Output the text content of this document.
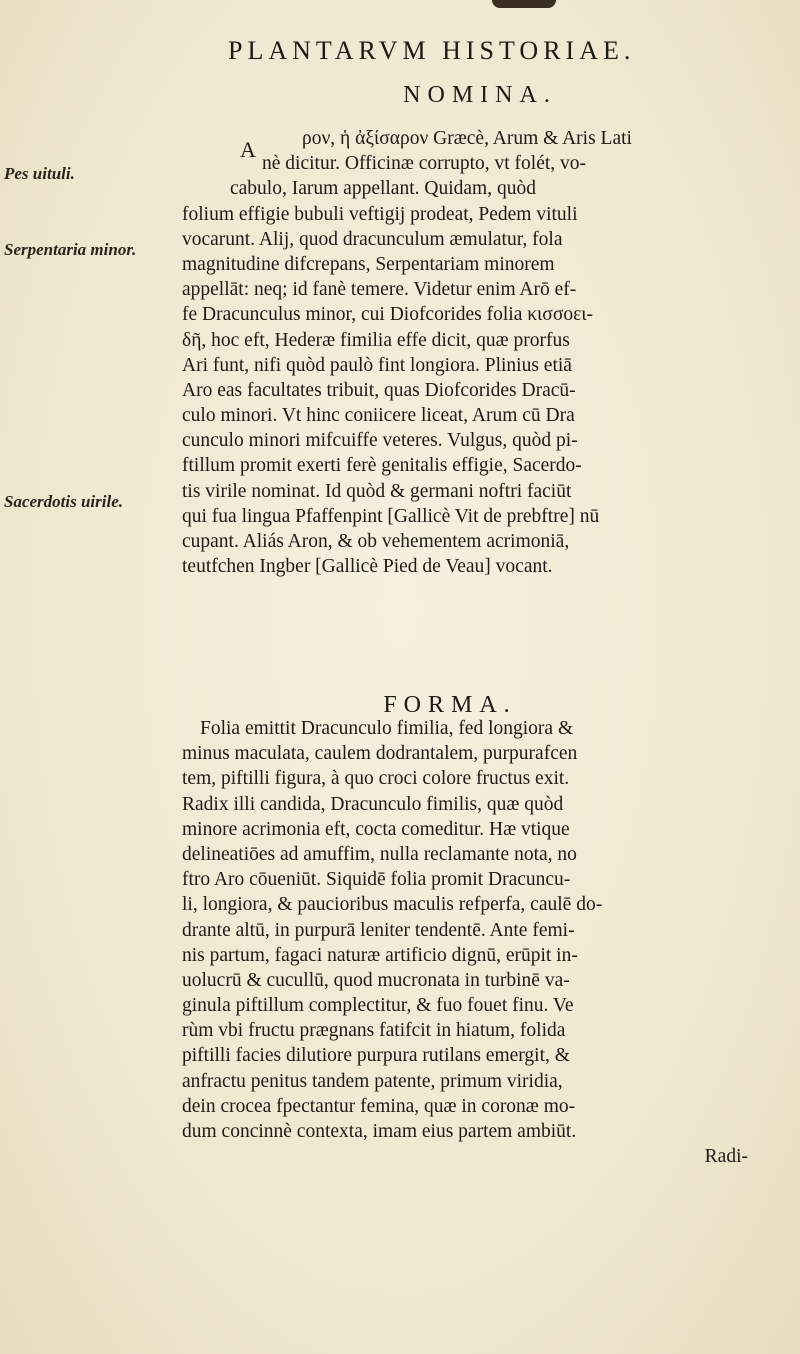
PLANTARVM HISTORIAE.
NOMINA.
A
Pes uituli.
Serpentaria minor.
Sacerdotis uirile.
ρον, ἡ ἀξίσαρον Græcè, Arum & Aris Lati
nè dicitur. Officinæ corrupto, vt folét, vo-
cabulo, Iarum appellant. Quidam, quòd
folium effigie bubuli veftigij prodeat, Pedem vituli
vocarunt. Alij, quod dracunculum æmulatur, fola
magnitudine difcrepans, Serpentariam minorem
appellāt: neq; id fanè temere. Videtur enim Arō ef-
fe Dracunculus minor, cui Diofcorides folia κισσοει-
δῆ, hoc eft, Hederæ fimilia effe dicit, quæ prorfus
Ari funt, nifi quòd paulò fint longiora. Plinius etiā
Aro eas facultates tribuit, quas Diofcorides Dracū-
culo minori. Vt hinc coniicere liceat, Arum cū Dra
cunculo minori mifcuiffe veteres. Vulgus, quòd pi-
ftillum promit exerti ferè genitalis effigie, Sacerdo-
tis virile nominat. Id quòd & germani noftri faciūt
qui fua lingua Pfaffenpint [Gallicè Vit de prebftre] nū
cupant. Aliás Aron, & ob vehementem acrimoniā,
teutfchen Ingber [Gallicè Pied de Veau] vocant.
FORMA.
Folia emittit Dracunculo fimilia, fed longiora &
minus maculata, caulem dodrantalem, purpurafcen
tem, piftilli figura, à quo croci colore fructus exit.
Radix illi candida, Dracunculo fimilis, quæ quòd
minore acrimonia eft, cocta comeditur. Hæ vtique
delineatiōes ad amuffim, nulla reclamante nota, no
ftro Aro cōueniūt. Siquidē folia promit Dracuncu-
li, longiora, & paucioribus maculis refperfa, caulē do-
drante altū, in purpurā leniter tendentē. Ante femi-
nis partum, fagaci naturæ artificio dignū, erūpit in-
uolucrū & cucullū, quod mucronata in turbinē va-
ginula piftillum complectitur, & fuo fouet finu. Ve
rùm vbi fructu prægnans fatifcit in hiatum, folida
piftilli facies dilutiore purpura rutilans emergit, &
anfractu penitus tandem patente, primum viridia,
dein crocea fpectantur femina, quæ in coronæ mo-
dum concinnè contexta, imam eius partem ambiūt.
Radi-
